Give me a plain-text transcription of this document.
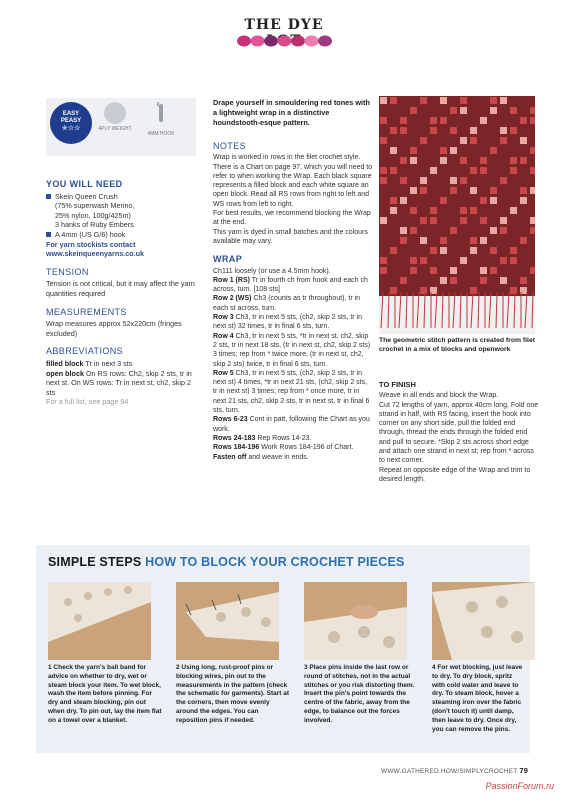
THE DYE
EASY
PEASY
★☆☆	4PLY WEIGHT
4MM HOOK
YOU WILL NEED
Skein Queen Crush
(75% superwash Merino,
25% nylon, 100g/425m)
3 hanks of Ruby Embers
A 4mm (US G/6) hook
For yarn stockists contact
www.skeinqueenyarns.co.uk
TENSION
Tension is not critical, but it may affect the yarn quantities required
MEASUREMENTS
Wrap measures approx 52x220cm (fringes excluded)
ABBREVIATIONS
filled block Tr in next 3 sts
open block On RS rows: Ch2, skip 2 sts, tr in next st. On WS rows: Tr in next st, ch2, skip 2 sts
For a full list, see page 94
Drape yourself in smouldering red tones with a lightweight wrap in a distinctive houndstooth-esque pattern.
NOTES

Wrap is worked in rows in the filet crochet style.

There is a Chart on page 97, which you will need to refer to when working the Wrap. Each black square represents a filled block and each white square an open block. Read all RS rows from right to left and WS rows from left to right.

For best results, we recommend blocking the Wrap at the end.

This yarn is dyed in small batches and the colours available may vary.

WRAP

Ch111 loosely (or use a 4.5mm hook).

Row 1 (RS) Tr in fourth ch from hook and each ch across, turn. [108 sts]

Row 2 (WS) Ch3 (counts as tr throughout), tr in each st across, turn.

Row 3 Ch3, tr in next 5 sts, (ch2, skip 2 sts, tr in next st) 32 times, tr in final 6 sts, turn.

Row 4 Ch3, tr in next 5 sts, *tr in next st, ch2, skip 2 sts, tr in next 18 sts, (tr in next st, ch2, skip 2 sts) 3 times; rep from * twice more, (tr in next st, ch2, skip 2 sts) twice, tr in final 6 sts, turn.

Row 5 Ch3, tr in next 5 sts, (ch2, skip 2 sts, tr in next st) 4 times, *tr in next 21 sts, (ch2, skip 2 sts, tr in next st) 3 times; rep from * once more, tr in next 21 sts, ch2, skip 2 sts, tr in next st, tr in final 6 sts, turn.

Rows 6-23 Cont in patt, following the Chart as you work.

Rows 24-183 Rep Rows 14-23.

Rows 184-196 Work Rows 184-196 of Chart.

Fasten off and weave in ends.

The geometric stitch pattern is created from filet crochet in a mix of blocks and openwork
TO FINISH

Weave in all ends and block the Wrap.

Cut 72 lengths of yarn, approx 40cm long. Fold one strand in half, with RS facing, insert the hook into corner on any short side, pull the folded end through, thread the ends through the folded end and pull to secure. *Skip 2 sts across short edge and attach one strand in next st; rep from * across to next corner.

Repeat on opposite edge of the Wrap and trim to desired length.

SIMPLE STEPS HOW TO BLOCK YOUR CROCHET PIECES
1 Check the yarn's ball band for advice on whether to dry, wet or steam block your item. To wet block, wash the item before pinning. For dry and steam blocking, pin out when dry. To pin out, lay the item flat on a towel over a blanket.
2 Using long, rust-proof pins or blocking wires, pin out to the measurements in the pattern (check the schematic for garments). Start at the corners, then move evenly around the edges. You can reposition pins if needed.
3 Place pins inside the last row or round of stitches, not in the actual stitches or you risk distorting them. Insert the pin's point towards the centre of the fabric, away from the edge, to balance out the forces involved.
4 For wet blocking, just leave to dry. To dry block, spritz with cold water and leave to dry. To steam block, hover a steaming iron over the fabric (don't touch it) until damp, then leave to dry. Once dry, you can remove the pins.
WWW.GATHERED.HOW/SIMPLYCROCHET 79
PassionForum.ru
